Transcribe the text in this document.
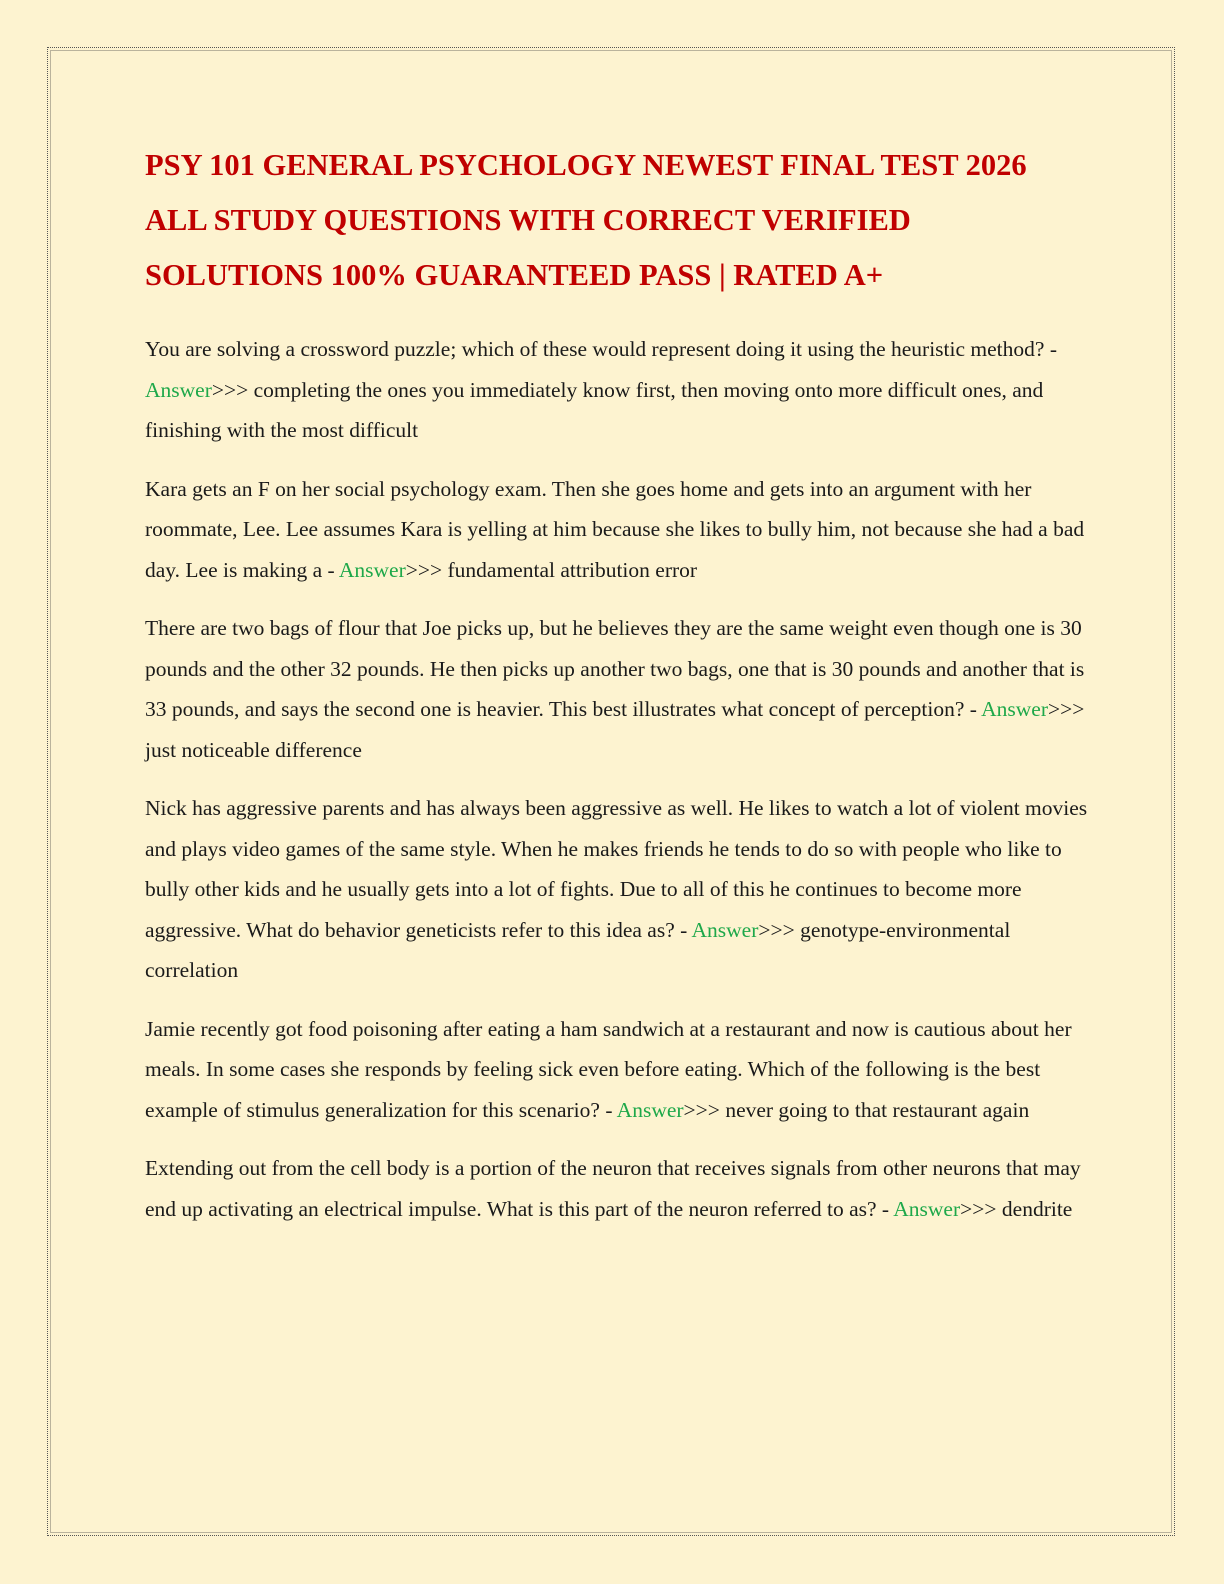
PSY 101 GENERAL PSYCHOLOGY NEWEST FINAL TEST 2026 ALL STUDY QUESTIONS WITH CORRECT VERIFIED SOLUTIONS 100% GUARANTEED PASS | RATED A+

You are solving a crossword puzzle; which of these would represent doing it using the heuristic method? - Answer>>> completing the ones you immediately know first, then moving onto more difficult ones, and finishing with the most difficult

Kara gets an F on her social psychology exam. Then she goes home and gets into an argument with her roommate, Lee. Lee assumes Kara is yelling at him because she likes to bully him, not because she had a bad day. Lee is making a - Answer>>> fundamental attribution error

There are two bags of flour that Joe picks up, but he believes they are the same weight even though one is 30 pounds and the other 32 pounds. He then picks up another two bags, one that is 30 pounds and another that is 33 pounds, and says the second one is heavier. This best illustrates what concept of perception? - Answer>>> just noticeable difference

Nick has aggressive parents and has always been aggressive as well. He likes to watch a lot of violent movies and plays video games of the same style. When he makes friends he tends to do so with people who like to bully other kids and he usually gets into a lot of fights. Due to all of this he continues to become more aggressive. What do behavior geneticists refer to this idea as? - Answer>>> genotype-environmental correlation

Jamie recently got food poisoning after eating a ham sandwich at a restaurant and now is cautious about her meals. In some cases she responds by feeling sick even before eating. Which of the following is the best example of stimulus generalization for this scenario? - Answer>>> never going to that restaurant again

Extending out from the cell body is a portion of the neuron that receives signals from other neurons that may end up activating an electrical impulse. What is this part of the neuron referred to as? - Answer>>> dendrite
